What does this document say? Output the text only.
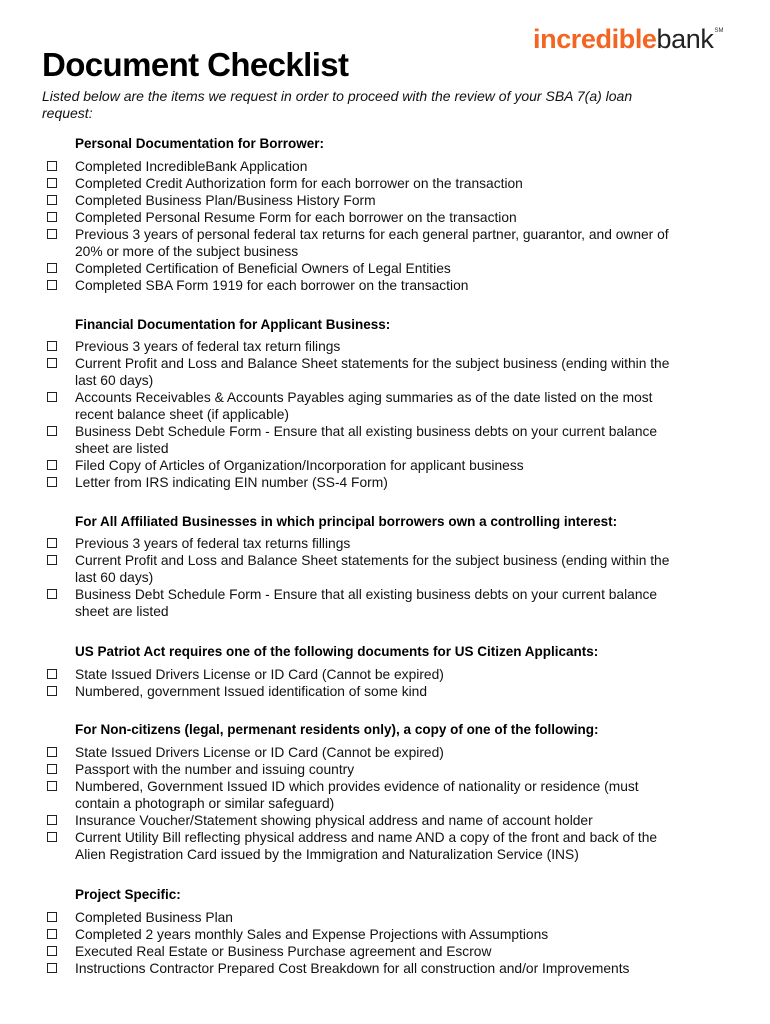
incrediblebank℠
Document Checklist
Listed below are the items we request in order to proceed with the review of your SBA 7(a) loan request:
Personal Documentation for Borrower:
Completed IncredibleBank Application
Completed Credit Authorization form for each borrower on the transaction
Completed Business Plan/Business History Form
Completed Personal Resume Form for each borrower on the transaction
Previous 3 years of personal federal tax returns for each general partner, guarantor, and owner of 20% or more of the subject business
Completed Certification of Beneficial Owners of Legal Entities
Completed SBA Form 1919 for each borrower on the transaction
Financial Documentation for Applicant Business:
Previous 3 years of federal tax return filings
Current Profit and Loss and Balance Sheet statements for the subject business (ending within the last 60 days)
Accounts Receivables & Accounts Payables aging summaries as of the date listed on the most recent balance sheet (if applicable)
Business Debt Schedule Form - Ensure that all existing business debts on your current balance sheet are listed
Filed Copy of Articles of Organization/Incorporation for applicant business
Letter from IRS indicating EIN number (SS-4 Form)
For All Affiliated Businesses in which principal borrowers own a controlling interest:
Previous 3 years of federal tax returns fillings
Current Profit and Loss and Balance Sheet statements for the subject business (ending within the last 60 days)
Business Debt Schedule Form - Ensure that all existing business debts on your current balance sheet are listed
US Patriot Act requires one of the following documents for US Citizen Applicants:
State Issued Drivers License or ID Card (Cannot be expired)
Numbered, government Issued identification of some kind
For Non-citizens (legal, permenant residents only), a copy of one of the following:
State Issued Drivers License or ID Card (Cannot be expired)
Passport with the number and issuing country
Numbered, Government Issued ID which provides evidence of nationality or residence (must contain a photograph or similar safeguard)
Insurance Voucher/Statement showing physical address and name of account holder
Current Utility Bill reflecting physical address and name AND a copy of the front and back of the Alien Registration Card issued by the Immigration and Naturalization Service (INS)
Project Specific:
Completed Business Plan
Completed 2 years monthly Sales and Expense Projections with Assumptions
Executed Real Estate or Business Purchase agreement and Escrow
Instructions Contractor Prepared Cost Breakdown for all construction and/or Improvements
